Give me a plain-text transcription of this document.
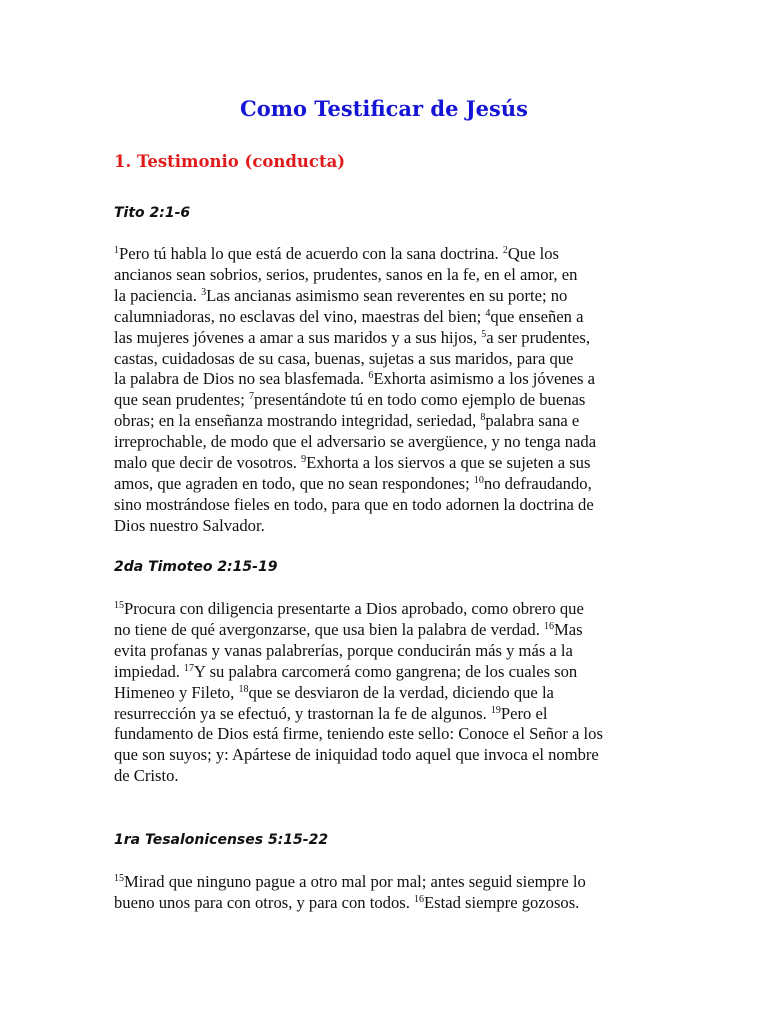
Como Testificar de Jesús
1. Testimonio (conducta)
Tito 2:1-6
$^1$Pero tú habla lo que está de acuerdo con la sana doctrina. $^2$Que los
ancianos sean sobrios, serios, prudentes, sanos en la fe, en el amor, en
la paciencia. $^3$Las ancianas asimismo sean reverentes en su porte; no
calumniadoras, no esclavas del vino, maestras del bien; $^4$que enseñen a
las mujeres jóvenes a amar a sus maridos y a sus hijos, $^5$a ser prudentes,
castas, cuidadosas de su casa, buenas, sujetas a sus maridos, para que
la palabra de Dios no sea blasfemada. $^6$Exhorta asimismo a los jóvenes a
que sean prudentes; $^7$presentándote tú en todo como ejemplo de buenas
obras; en la enseñanza mostrando integridad, seriedad, $^8$palabra sana e
irreprochable, de modo que el adversario se avergüence, y no tenga nada
malo que decir de vosotros. $^9$Exhorta a los siervos a que se sujeten a sus
amos, que agraden en todo, que no sean respondones; $^{10}$no defraudando,
sino mostrándose fieles en todo, para que en todo adornen la doctrina de
Dios nuestro Salvador.
2da Timoteo 2:15-19
$^{15}$Procura con diligencia presentarte a Dios aprobado, como obrero que
no tiene de qué avergonzarse, que usa bien la palabra de verdad. $^{16}$Mas
evita profanas y vanas palabrerías, porque conducirán más y más a la
impiedad. $^{17}$Y su palabra carcomerá como gangrena; de los cuales son
Himeneo y Fileto, $^{18}$que se desviaron de la verdad, diciendo que la
resurrección ya se efectuó, y trastornan la fe de algunos. $^{19}$Pero el
fundamento de Dios está firme, teniendo este sello: Conoce el Señor a los
que son suyos; y: Apártese de iniquidad todo aquel que invoca el nombre
de Cristo.
1ra Tesalonicenses 5:15-22
$^{15}$Mirad que ninguno pague a otro mal por mal; antes seguid siempre lo
bueno unos para con otros, y para con todos. $^{16}$Estad siempre gozosos.
